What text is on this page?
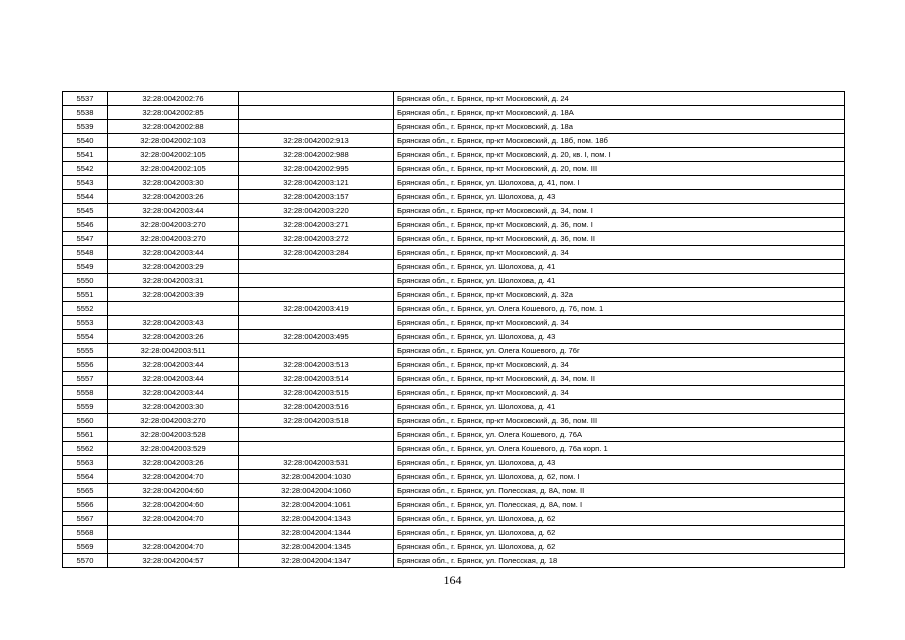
5537	32:28:0042002:76		Брянская обл., г. Брянск, пр-кт Московский, д. 24
5538	32:28:0042002:85		Брянская обл., г. Брянск, пр-кт Московский, д. 18А
5539	32:28:0042002:88		Брянская обл., г. Брянск, пр-кт Московский, д. 18а
5540	32:28:0042002:103	32:28:0042002:913	Брянская обл., г. Брянск, пр-кт Московский, д. 18б, пом. 18б
5541	32:28:0042002:105	32:28:0042002:988	Брянская обл., г. Брянск, пр-кт Московский, д. 20, кв. I, пом. I
5542	32:28:0042002:105	32:28:0042002:995	Брянская обл., г. Брянск, пр-кт Московский, д. 20, пом. III
5543	32:28:0042003:30	32:28:0042003:121	Брянская обл., г. Брянск, ул. Шолохова, д. 41, пом. I
5544	32:28:0042003:26	32:28:0042003:157	Брянская обл., г. Брянск, ул. Шолохова, д. 43
5545	32:28:0042003:44	32:28:0042003:220	Брянская обл., г. Брянск, пр-кт Московский, д. 34, пом. I
5546	32:28:0042003:270	32:28:0042003:271	Брянская обл., г. Брянск, пр-кт Московский, д. 36, пом. I
5547	32:28:0042003:270	32:28:0042003:272	Брянская обл., г. Брянск, пр-кт Московский, д. 36, пом. II
5548	32:28:0042003:44	32:28:0042003:284	Брянская обл., г. Брянск, пр-кт Московский, д. 34
5549	32:28:0042003:29		Брянская обл., г. Брянск, ул. Шолохова, д. 41
5550	32:28:0042003:31		Брянская обл., г. Брянск, ул. Шолохова, д. 41
5551	32:28:0042003:39		Брянская обл., г. Брянск, пр-кт Московский, д. 32а
5552		32:28:0042003:419	Брянская обл., г. Брянск, ул. Олега Кошевого, д. 76, пом. 1
5553	32:28:0042003:43		Брянская обл., г. Брянск, пр-кт Московский, д. 34
5554	32:28:0042003:26	32:28:0042003:495	Брянская обл., г. Брянск, ул. Шолохова, д. 43
5555	32:28:0042003:511		Брянская обл., г. Брянск, ул. Олега Кошевого, д. 76г
5556	32:28:0042003:44	32:28:0042003:513	Брянская обл., г. Брянск, пр-кт Московский, д. 34
5557	32:28:0042003:44	32:28:0042003:514	Брянская обл., г. Брянск, пр-кт Московский, д. 34, пом. II
5558	32:28:0042003:44	32:28:0042003:515	Брянская обл., г. Брянск, пр-кт Московский, д. 34
5559	32:28:0042003:30	32:28:0042003:516	Брянская обл., г. Брянск, ул. Шолохова, д. 41
5560	32:28:0042003:270	32:28:0042003:518	Брянская обл., г. Брянск, пр-кт Московский, д. 36, пом. III
5561	32:28:0042003:528		Брянская обл., г. Брянск, ул. Олега Кошевого, д. 76А
5562	32:28:0042003:529		Брянская обл., г. Брянск, ул. Олега Кошевого, д. 76а корп. 1
5563	32:28:0042003:26	32:28:0042003:531	Брянская обл., г. Брянск, ул. Шолохова, д. 43
5564	32:28:0042004:70	32:28:0042004:1030	Брянская обл., г. Брянск, ул. Шолохова, д. 62, пом. I
5565	32:28:0042004:60	32:28:0042004:1060	Брянская обл., г. Брянск, ул. Полесская, д. 8А, пом. II
5566	32:28:0042004:60	32:28:0042004:1061	Брянская обл., г. Брянск, ул. Полесская, д. 8А, пом. I
5567	32:28:0042004:70	32:28:0042004:1343	Брянская обл., г. Брянск, ул. Шолохова, д. 62
5568		32:28:0042004:1344	Брянская обл., г. Брянск, ул. Шолохова, д. 62
5569	32:28:0042004:70	32:28:0042004:1345	Брянская обл., г. Брянск, ул. Шолохова, д. 62
5570	32:28:0042004:57	32:28:0042004:1347	Брянская обл., г. Брянск, ул. Полесская, д. 18
164
